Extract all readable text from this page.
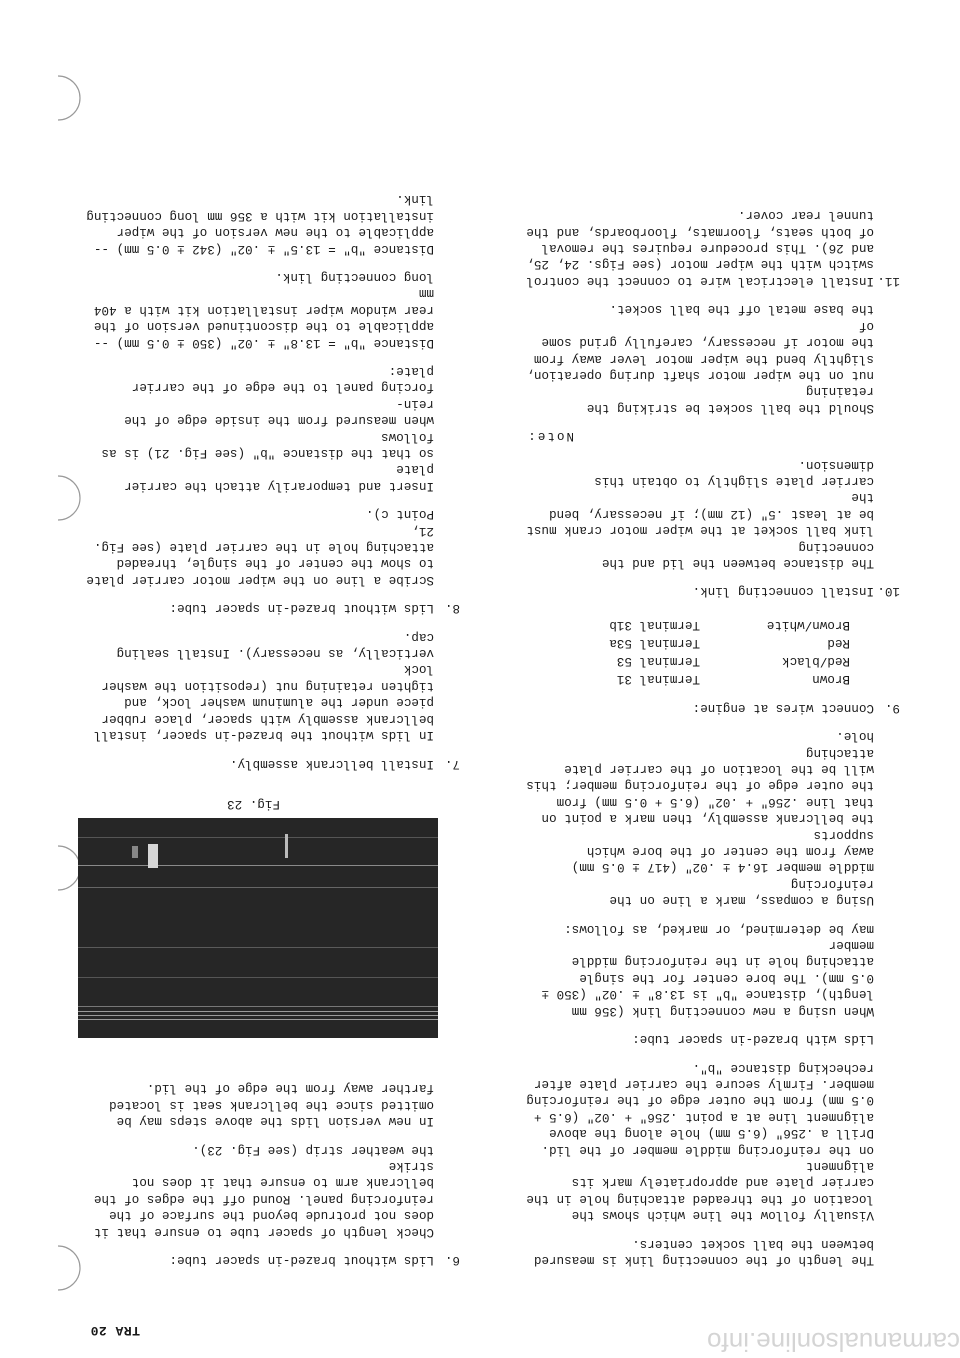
TRA 20
6.

Lids without brazed-in spacer tube:

Check length of spacer tube to ensure that it
does not protrude beyond the surface of the
reinforcing panel. Round off the edges of the
bellcrank arm to ensure that it does not strike
the weather strip (see Fig. 23).

In new version lids the above steps may be
omitted since the bellcrank seat is located
farther away from the edge of the lid.

Fig. 23
7.

Install bellcrank assembly.

In lids without the brazed-in spacer, install
bellcrank assembly with spacer, place rubber
piece under the aluminum washer lock, and
tighten retaining nut (reposition the washer lock
vertically, as necessary). Install sealing cap.

8.

Lids without brazed-in spacer tube:

Scribe a line on the wiper motor carrier plate
to show the center of the single, threaded
attaching hole in the carrier plate (see Fig. 21,
Point c).

Insert and temporarily attach the carrier plate
so that the distance "b" (see Fig. 21) is as follows
when measured from the inside edge of the rein-
forcing panel to the edge of the carrier plate:

Distance "b" = 13.8" ± .02" (350 ± 0.5 mm) --
applicable to the discontinued version of the
rear window wiper installation kit with a 404 mm
long connecting link.

Distance "b" = 13.5" ± .02" (342 ± 0.5 mm) --
applicable to the new version of the wiper
installation kit with a 356 mm long connecting
link.

The length of the connecting link is measured
between the ball socket centers.

Visually follow the line which shows the
location of the threaded attaching hole in the
carrier plate and appropriately mark its alignment
on the reinforcing middle member of the lid.
Drill a .256" (6.5 mm) hole along the above
alignment line at a point .256" + .02" (6.5 +
0.5 mm) from the outer edge of the reinforcing
member. Firmly secure the carrier plate after
rechecking distance "b".

Lids with brazed-in spacer tube:

When using a new connecting link (356 mm
length), distance "b" is 13.8" ± .02" (350 ±
0.5 mm). The bore center for the single
attaching hole in the reinforcing middle member
may be determined, or marked, as follows:

Using a compass, mark a line on the reinforcing
middle member 16.4 ± .02" (417 ± 0.5 mm)
away from the center of the bore which supports
the bellcrank assembly, then mark a point on
that line .256" + .02" (6.5 + 0.5 mm) from
the outer edge of the reinforcing member; this
will be the location of the carrier plate attaching
hole.

9.

Connect wires at engine:

Brown
Terminal 31
Red/black
Terminal 53
Red
Terminal 53a
Brown/white
Terminal 31b
10.

Install connecting link.

The distance between the lid and the connecting
link ball socket at the wiper motor crank must
be at least .5" (12 mm); if necessary, bend the
carrier plate slightly to obtain this dimension.

Note:

Should the ball socket be striking the retaining
nut on the wiper motor shaft during operation,
slightly bend the wiper motor lever away from
the motor if necessary, carefully grind some of
the base metal off the ball socket.

11.

Install electrical wire to connect the control
switch with the wiper motor (see Figs. 24, 25,
and 26). This procedure requires the removal
of both seats, floormats, floorboards, and the
tunnel rear cover.

carmanualsonline.info
